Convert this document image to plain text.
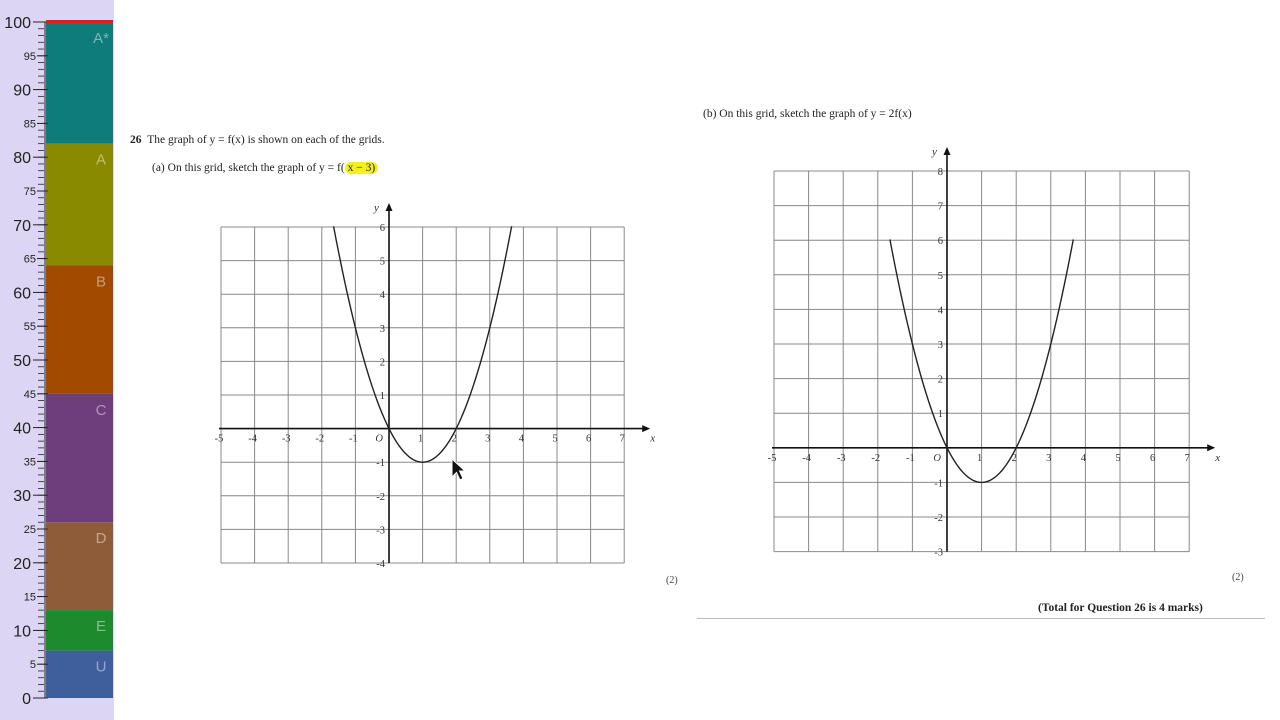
A*
A
B
C
D
E
U
0
5
10
15
20
25
30
35
40
45
50
55
60
65
70
75
80
85
90
95
100
26 The graph of y = f(x) is shown on each of the grids.
(a) On this grid, sketch the graph of y = f( x − 3)
(b) On this grid, sketch the graph of y = 2f(x)
-5 -4 -3 -2 -1	1	2	3	4	5	6	7
-4
-3
-2
-1
1
2
3
4
5
6
O	x
y
-5 -4 -3 -2 -1	1	2	3	4	5	6	7
-3
-2
-1
1
2
3
4
5
6
7
8
O	x
y
(2)	(2)
(Total for Question 26 is 4 marks)
